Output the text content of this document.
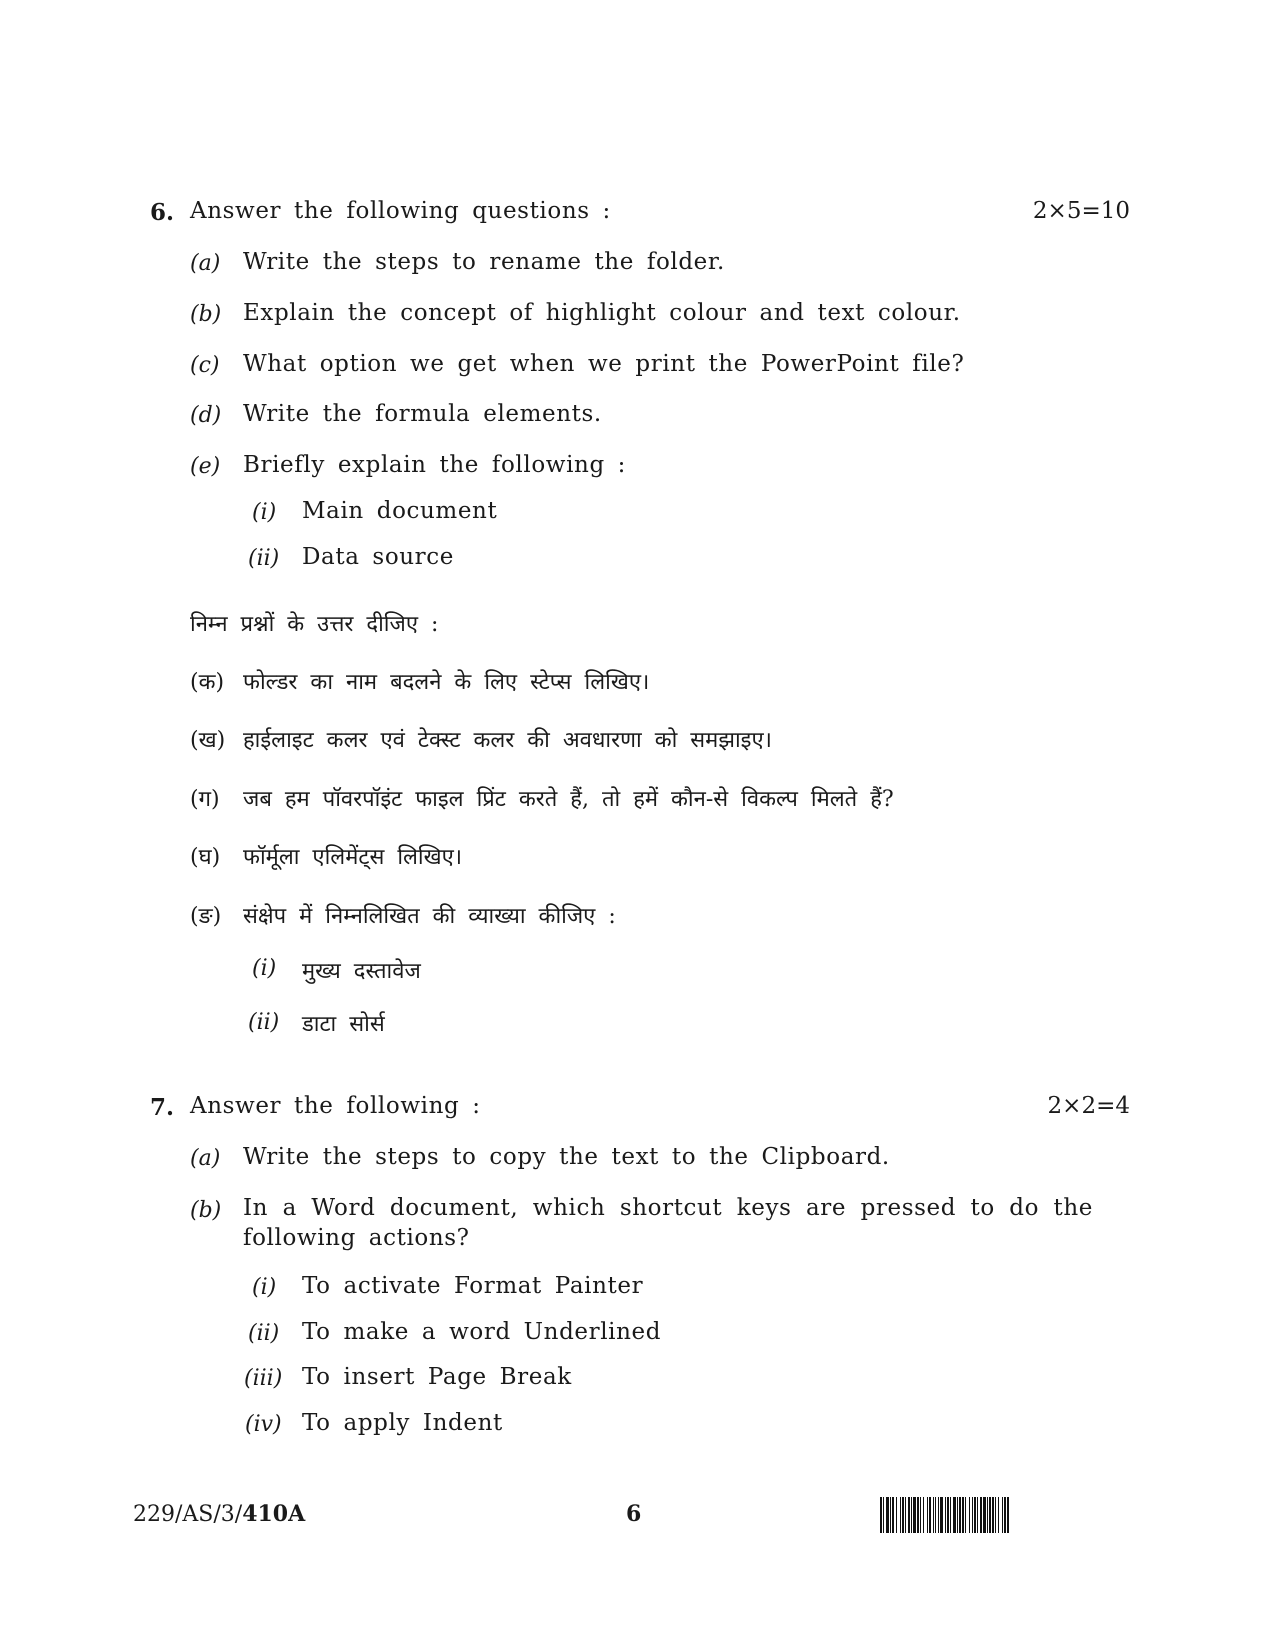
6. Answer the following questions :	2×5=10
(a) Write the steps to rename the folder.
(b) Explain the concept of highlight colour and text colour.
(c) What option we get when we print the PowerPoint file?
(d) Write the formula elements.
(e) Briefly explain the following :
(i) Main document
(ii) Data source
निम्न प्रश्नों के उत्तर दीजिए :
(क) फोल्डर का नाम बदलने के लिए स्टेप्स लिखिए।
(ख) हाईलाइट कलर एवं टेक्स्ट कलर की अवधारणा को समझाइए।
(ग) जब हम पॉवरपॉइंट फाइल प्रिंट करते हैं, तो हमें कौन-से विकल्प मिलते हैं?
(घ) फॉर्मूला एलिमेंट्स लिखिए।
(ङ) संक्षेप में निम्नलिखित की व्याख्या कीजिए :
(i) मुख्य दस्तावेज
(ii) डाटा सोर्स
7. Answer the following :	2×2=4
(a) Write the steps to copy the text to the Clipboard.
(b) In a Word document, which shortcut keys are pressed to do the following actions?
(i) To activate Format Painter
(ii) To make a word Underlined
(iii) To insert Page Break
(iv) To apply Indent
229/AS/3/410A	6
